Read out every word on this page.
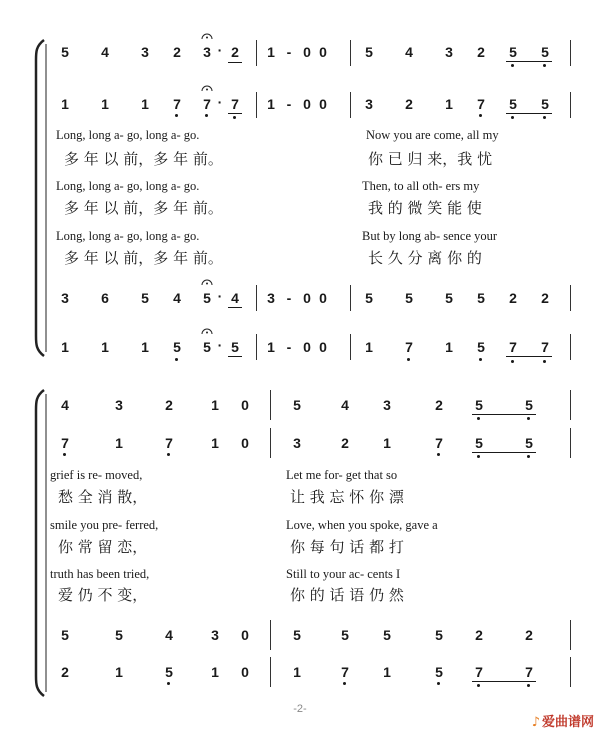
5 4 3 2 3 · 2 1 - 0 0	5 4 3 2 5 5
1 1 1 7 7 · 7 1 - 0 0	3 2 1 7 5 5
Long, long a- go, long a- go.	Now you are come, all my
多 年 以 前，多 年 前。	你 已 归 来，我 忧
Long, long a- go, long a- go.	Then, to all oth- ers my
多 年 以 前，多 年 前。	我 的 微 笑 能 使
Long, long a- go, long a- go.	But by long ab- sence your
多 年 以 前，多 年 前。	长 久 分 离 你 的
3 6 5 4 5 · 4 3 - 0 0	5 5 5 5 2 2
1 1 1 5 5 · 5 1 - 0 0	1 7 1 5 7 7
4	3	2	1 0	5	4 3	2 5	5
7	1	7	1 0	3	2 1	7 5	5
grief is re- moved,	Let me for- get that so
愁 全 消 散，	让 我 忘 怀 你 漂
smile you pre- ferred,	Love, when you spoke, gave a
你 常 留 恋，	你 每 句 话 都 打
truth has been tried,	Still to your ac- cents I
爱 仍 不 变，	你 的 话 语 仍 然
5	5	4	3 0	5	5 5	5 2	2
2	1	5	1 0	1	7 1	5 7	7
-2-
♪ 爱曲谱网
